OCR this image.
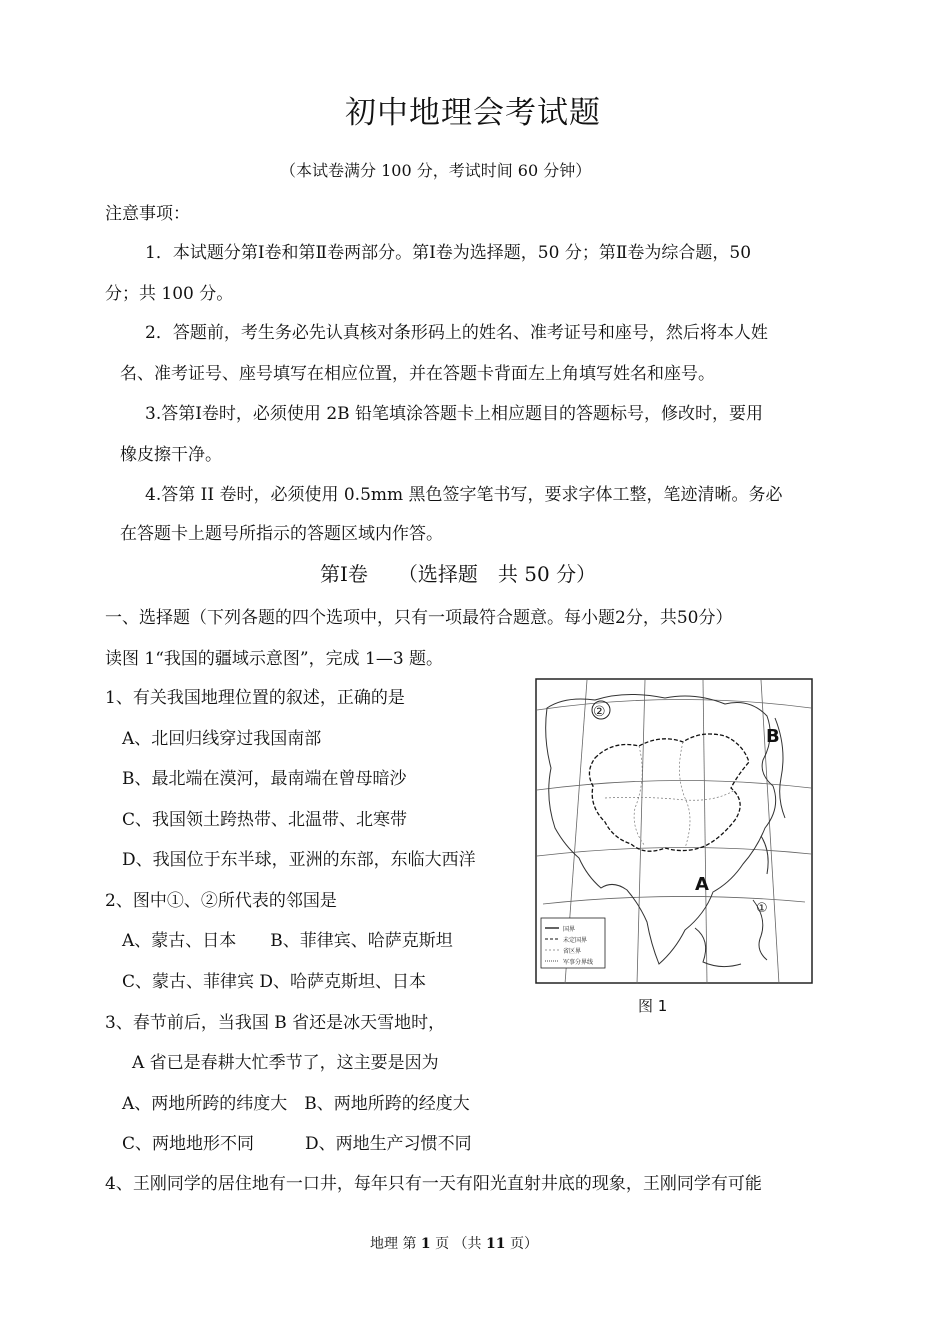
初中地理会考试题
（本试卷满分 100 分，考试时间 60 分钟）
注意事项：
1．本试题分第Ⅰ卷和第Ⅱ卷两部分。第Ⅰ卷为选择题，50 分；第Ⅱ卷为综合题，50
分；共 100 分。
2．答题前，考生务必先认真核对条形码上的姓名、准考证号和座号，然后将本人姓
名、准考证号、座号填写在相应位置，并在答题卡背面左上角填写姓名和座号。
3.答第Ⅰ卷时，必须使用 2B 铅笔填涂答题卡上相应题目的答题标号，修改时，要用
橡皮擦干净。
4.答第 II 卷时，必须使用 0.5mm 黑色签字笔书写，要求字体工整，笔迹清晰。务必
在答题卡上题号所指示的答题区域内作答。
第Ⅰ卷　　（选择题　共 50 分）
一、选择题（下列各题的四个选项中，只有一项最符合题意。每小题2分，共50分）
读图 1“我国的疆域示意图”，完成 1—3 题。
1、有关我国地理位置的叙述，正确的是
A、北回归线穿过我国南部
B、最北端在漠河，最南端在曾母暗沙
C、我国领土跨热带、北温带、北寒带
D、我国位于东半球，亚洲的东部，东临大西洋
2、图中①、②所代表的邻国是
A、蒙古、日本　　B、菲律宾、哈萨克斯坦
C、蒙古、菲律宾 D、哈萨克斯坦、日本
3、春节前后，当我国 B 省还是冰天雪地时，
A 省已是春耕大忙季节了，这主要是因为
A、两地所跨的纬度大　B、两地所跨的经度大
C、两地地形不同　　　D、两地生产习惯不同
4、王刚同学的居住地有一口井，每年只有一天有阳光直射井底的现象，王刚同学有可能
②
①
B
A
国界
未定国界
省区界
军事分界线
图 1
地理 第 1 页 （共 11 页）
